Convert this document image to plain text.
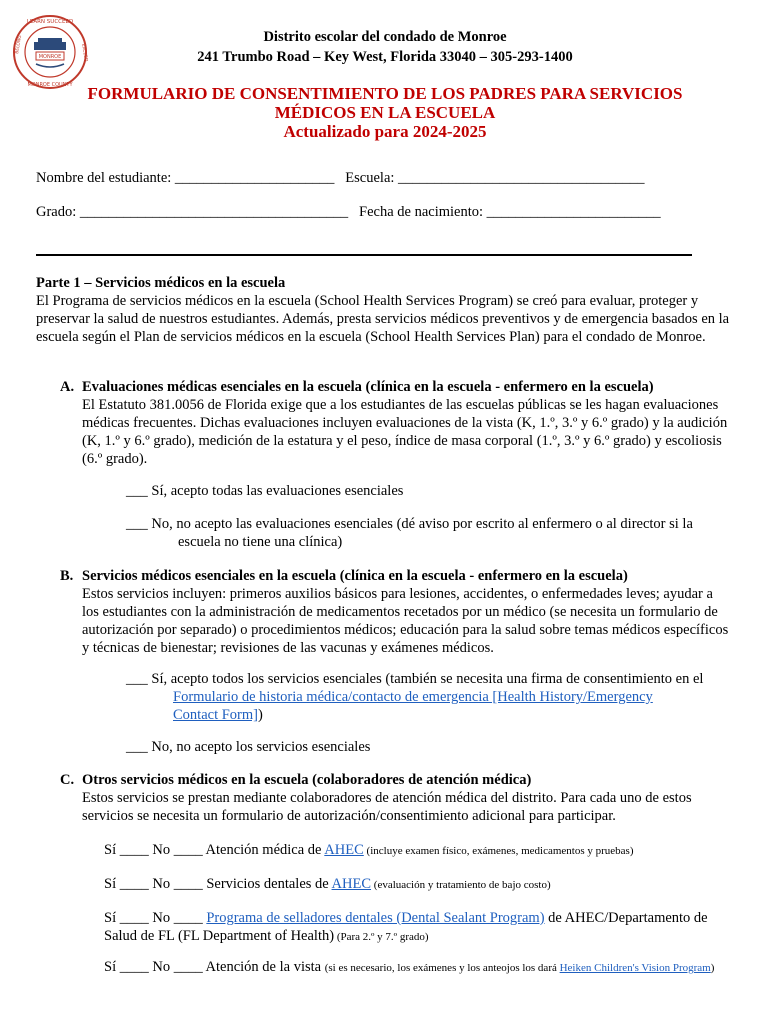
MONROE
LEARN SUCCEED
MONROE COUNTY
BELONG	EXCEED
Distrito escolar del condado de Monroe
241 Trumbo Road – Key West, Florida 33040 – 305-293-1400
FORMULARIO DE CONSENTIMIENTO DE LOS PADRES PARA SERVICIOS
MÉDICOS EN LA ESCUELA
Actualizado para 2024-2025
Nombre del estudiante: ______________________ Escuela: __________________________________
Grado: _____________________________________ Fecha de nacimiento: ________________________
Parte 1 – Servicios médicos en la escuela
El Programa de servicios médicos en la escuela (School Health Services Program) se creó para evaluar, proteger y preservar la salud de nuestros estudiantes. Además, presta servicios médicos preventivos y de emergencia basados en la escuela según el Plan de servicios médicos en la escuela (School Health Services Plan) para el condado de Monroe.
A. Evaluaciones médicas esenciales en la escuela (clínica en la escuela - enfermero en la escuela)
El Estatuto 381.0056 de Florida exige que a los estudiantes de las escuelas públicas se les hagan evaluaciones médicas frecuentes. Dichas evaluaciones incluyen evaluaciones de la vista (K, 1.º, 3.º y 6.º grado) y la audición (K, 1.º y 6.º grado), medición de la estatura y el peso, índice de masa corporal (1.º, 3.º y 6.º grado) y escoliosis (6.º grado).
___ Sí, acepto todas las evaluaciones esenciales
___ No, no acepto las evaluaciones esenciales (dé aviso por escrito al enfermero o al director si la
escuela no tiene una clínica)
B. Servicios médicos esenciales en la escuela (clínica en la escuela - enfermero en la escuela)
Estos servicios incluyen: primeros auxilios básicos para lesiones, accidentes, o enfermedades leves; ayudar a los estudiantes con la administración de medicamentos recetados por un médico (se necesita un formulario de autorización por separado) o procedimientos médicos; educación para la salud sobre temas médicos específicos y técnicas de bienestar; revisiones de las vacunas y exámenes médicos.
___ Sí, acepto todos los servicios esenciales (también se necesita una firma de consentimiento en el
Formulario de historia médica/contacto de emergencia [Health History/Emergency Contact Form])
___ No, no acepto los servicios esenciales
C. Otros servicios médicos en la escuela (colaboradores de atención médica)
Estos servicios se prestan mediante colaboradores de atención médica del distrito. Para cada uno de estos servicios se necesita un formulario de autorización/consentimiento adicional para participar.
Sí ____ No ____ Atención médica de AHEC (incluye examen físico, exámenes, medicamentos y pruebas)
Sí ____ No ____ Servicios dentales de AHEC (evaluación y tratamiento de bajo costo)
Sí ____ No ____ Programa de selladores dentales (Dental Sealant Program) de AHEC/Departamento de Salud de FL (FL Department of Health) (Para 2.º y 7.º grado)
Sí ____ No ____ Atención de la vista (si es necesario, los exámenes y los anteojos los dará Heiken Children's Vision Program)
